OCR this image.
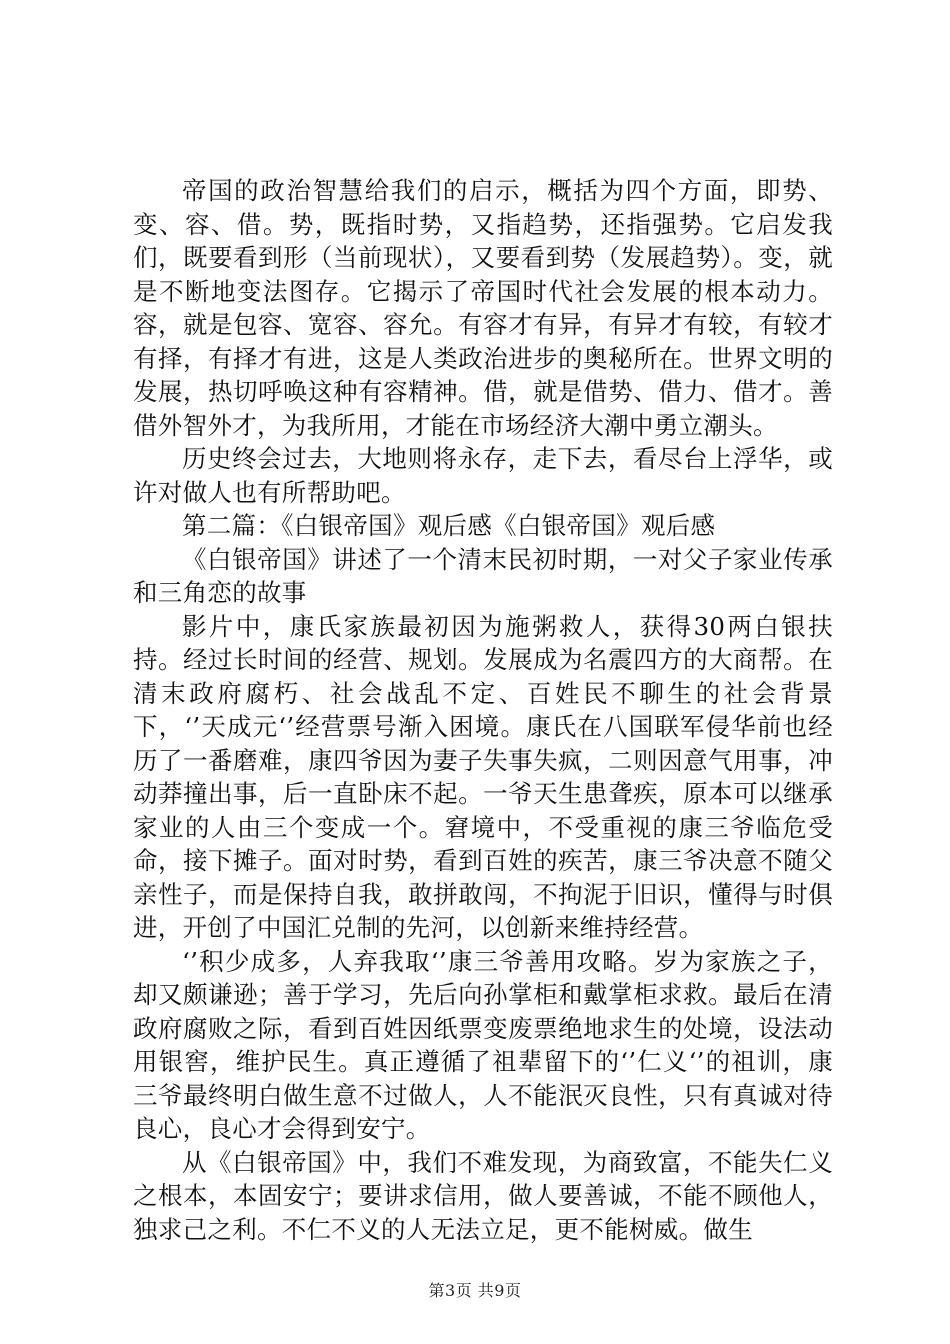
帝国的政治智慧给我们的启示，概括为四个方面，即势、变、容、借。势，既指时势，又指趋势，还指强势。它启发我们，既要看到形（当前现状），又要看到势（发展趋势）。变，就是不断地变法图存。它揭示了帝国时代社会发展的根本动力。容，就是包容、宽容、容允。有容才有异，有异才有较，有较才有择，有择才有进，这是人类政治进步的奥秘所在。世界文明的发展，热切呼唤这种有容精神。借，就是借势、借力、借才。善借外智外才，为我所用，才能在市场经济大潮中勇立潮头。

历史终会过去，大地则将永存，走下去，看尽台上浮华，或许对做人也有所帮助吧。

第二篇：《白银帝国》观后感《白银帝国》观后感

《白银帝国》讲述了一个清末民初时期，一对父子家业传承和三角恋的故事

影片中，康氏家族最初因为施粥救人，获得30两白银扶持。经过长时间的经营、规划。发展成为名震四方的大商帮。在清末政府腐朽、社会战乱不定、百姓民不聊生的社会背景下，‘’天成元‘’经营票号渐入困境。康氏在八国联军侵华前也经历了一番磨难，康四爷因为妻子失事失疯，二则因意气用事，冲动莽撞出事，后一直卧床不起。一爷天生患聋疾，原本可以继承家业的人由三个变成一个。窘境中，不受重视的康三爷临危受命，接下摊子。面对时势，看到百姓的疾苦，康三爷决意不随父亲性子，而是保持自我，敢拼敢闯，不拘泥于旧识，懂得与时俱进，开创了中国汇兑制的先河，以创新来维持经营。

‘’积少成多，人弃我取‘’康三爷善用攻略。岁为家族之子，却又颇谦逊；善于学习，先后向孙掌柜和戴掌柜求救。最后在清政府腐败之际，看到百姓因纸票变废票绝地求生的处境，设法动用银窖，维护民生。真正遵循了祖辈留下的‘’仁义‘’的祖训，康三爷最终明白做生意不过做人，人不能泯灭良性，只有真诚对待良心，良心才会得到安宁。

从《白银帝国》中，我们不难发现，为商致富，不能失仁义之根本，本固安宁；要讲求信用，做人要善诚，不能不顾他人，独求己之利。不仁不义的人无法立足，更不能树威。做生

第3页 共9页
